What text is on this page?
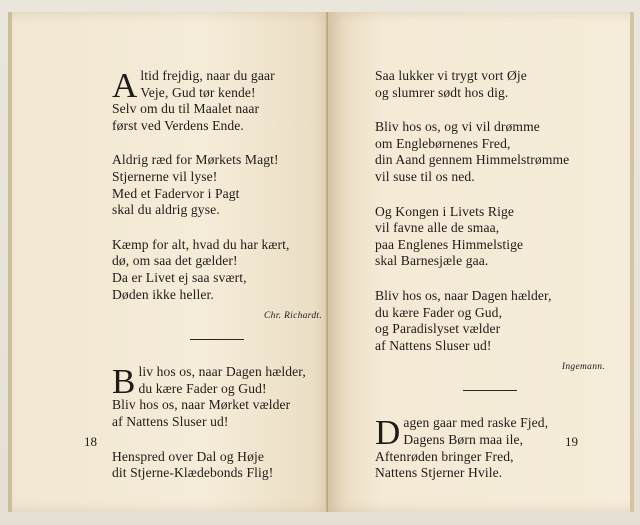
Altid frejdig, naar du gaar
Veje, Gud tør kende!
Selv om du til Maalet naar
først ved Verdens Ende.
Aldrig ræd for Mørkets Magt!
Stjernerne vil lyse!
Med et Fadervor i Pagt
skal du aldrig gyse.
Kæmp for alt, hvad du har kært,
dø, om saa det gælder!
Da er Livet ej saa svært,
Døden ikke heller.
Chr. Richardt.
Bliv hos os, naar Dagen hælder,
du kære Fader og Gud!
Bliv hos os, naar Mørket vælder
af Nattens Sluser ud!
Henspred over Dal og Høje
dit Stjerne-Klædebonds Flig!
18
Saa lukker vi trygt vort Øje
og slumrer sødt hos dig.
Bliv hos os, og vi vil drømme
om Englebørnenes Fred,
din Aand gennem Himmelstrømme
vil suse til os ned.
Og Kongen i Livets Rige
vil favne alle de smaa,
paa Englenes Himmelstige
skal Barnesjæle gaa.
Bliv hos os, naar Dagen hælder,
du kære Fader og Gud,
og Paradislyset vælder
af Nattens Sluser ud!
Ingemann.
Dagen gaar med raske Fjed,
Dagens Børn maa ile,
Aftenrøden bringer Fred,
Nattens Stjerner Hvile.
19
